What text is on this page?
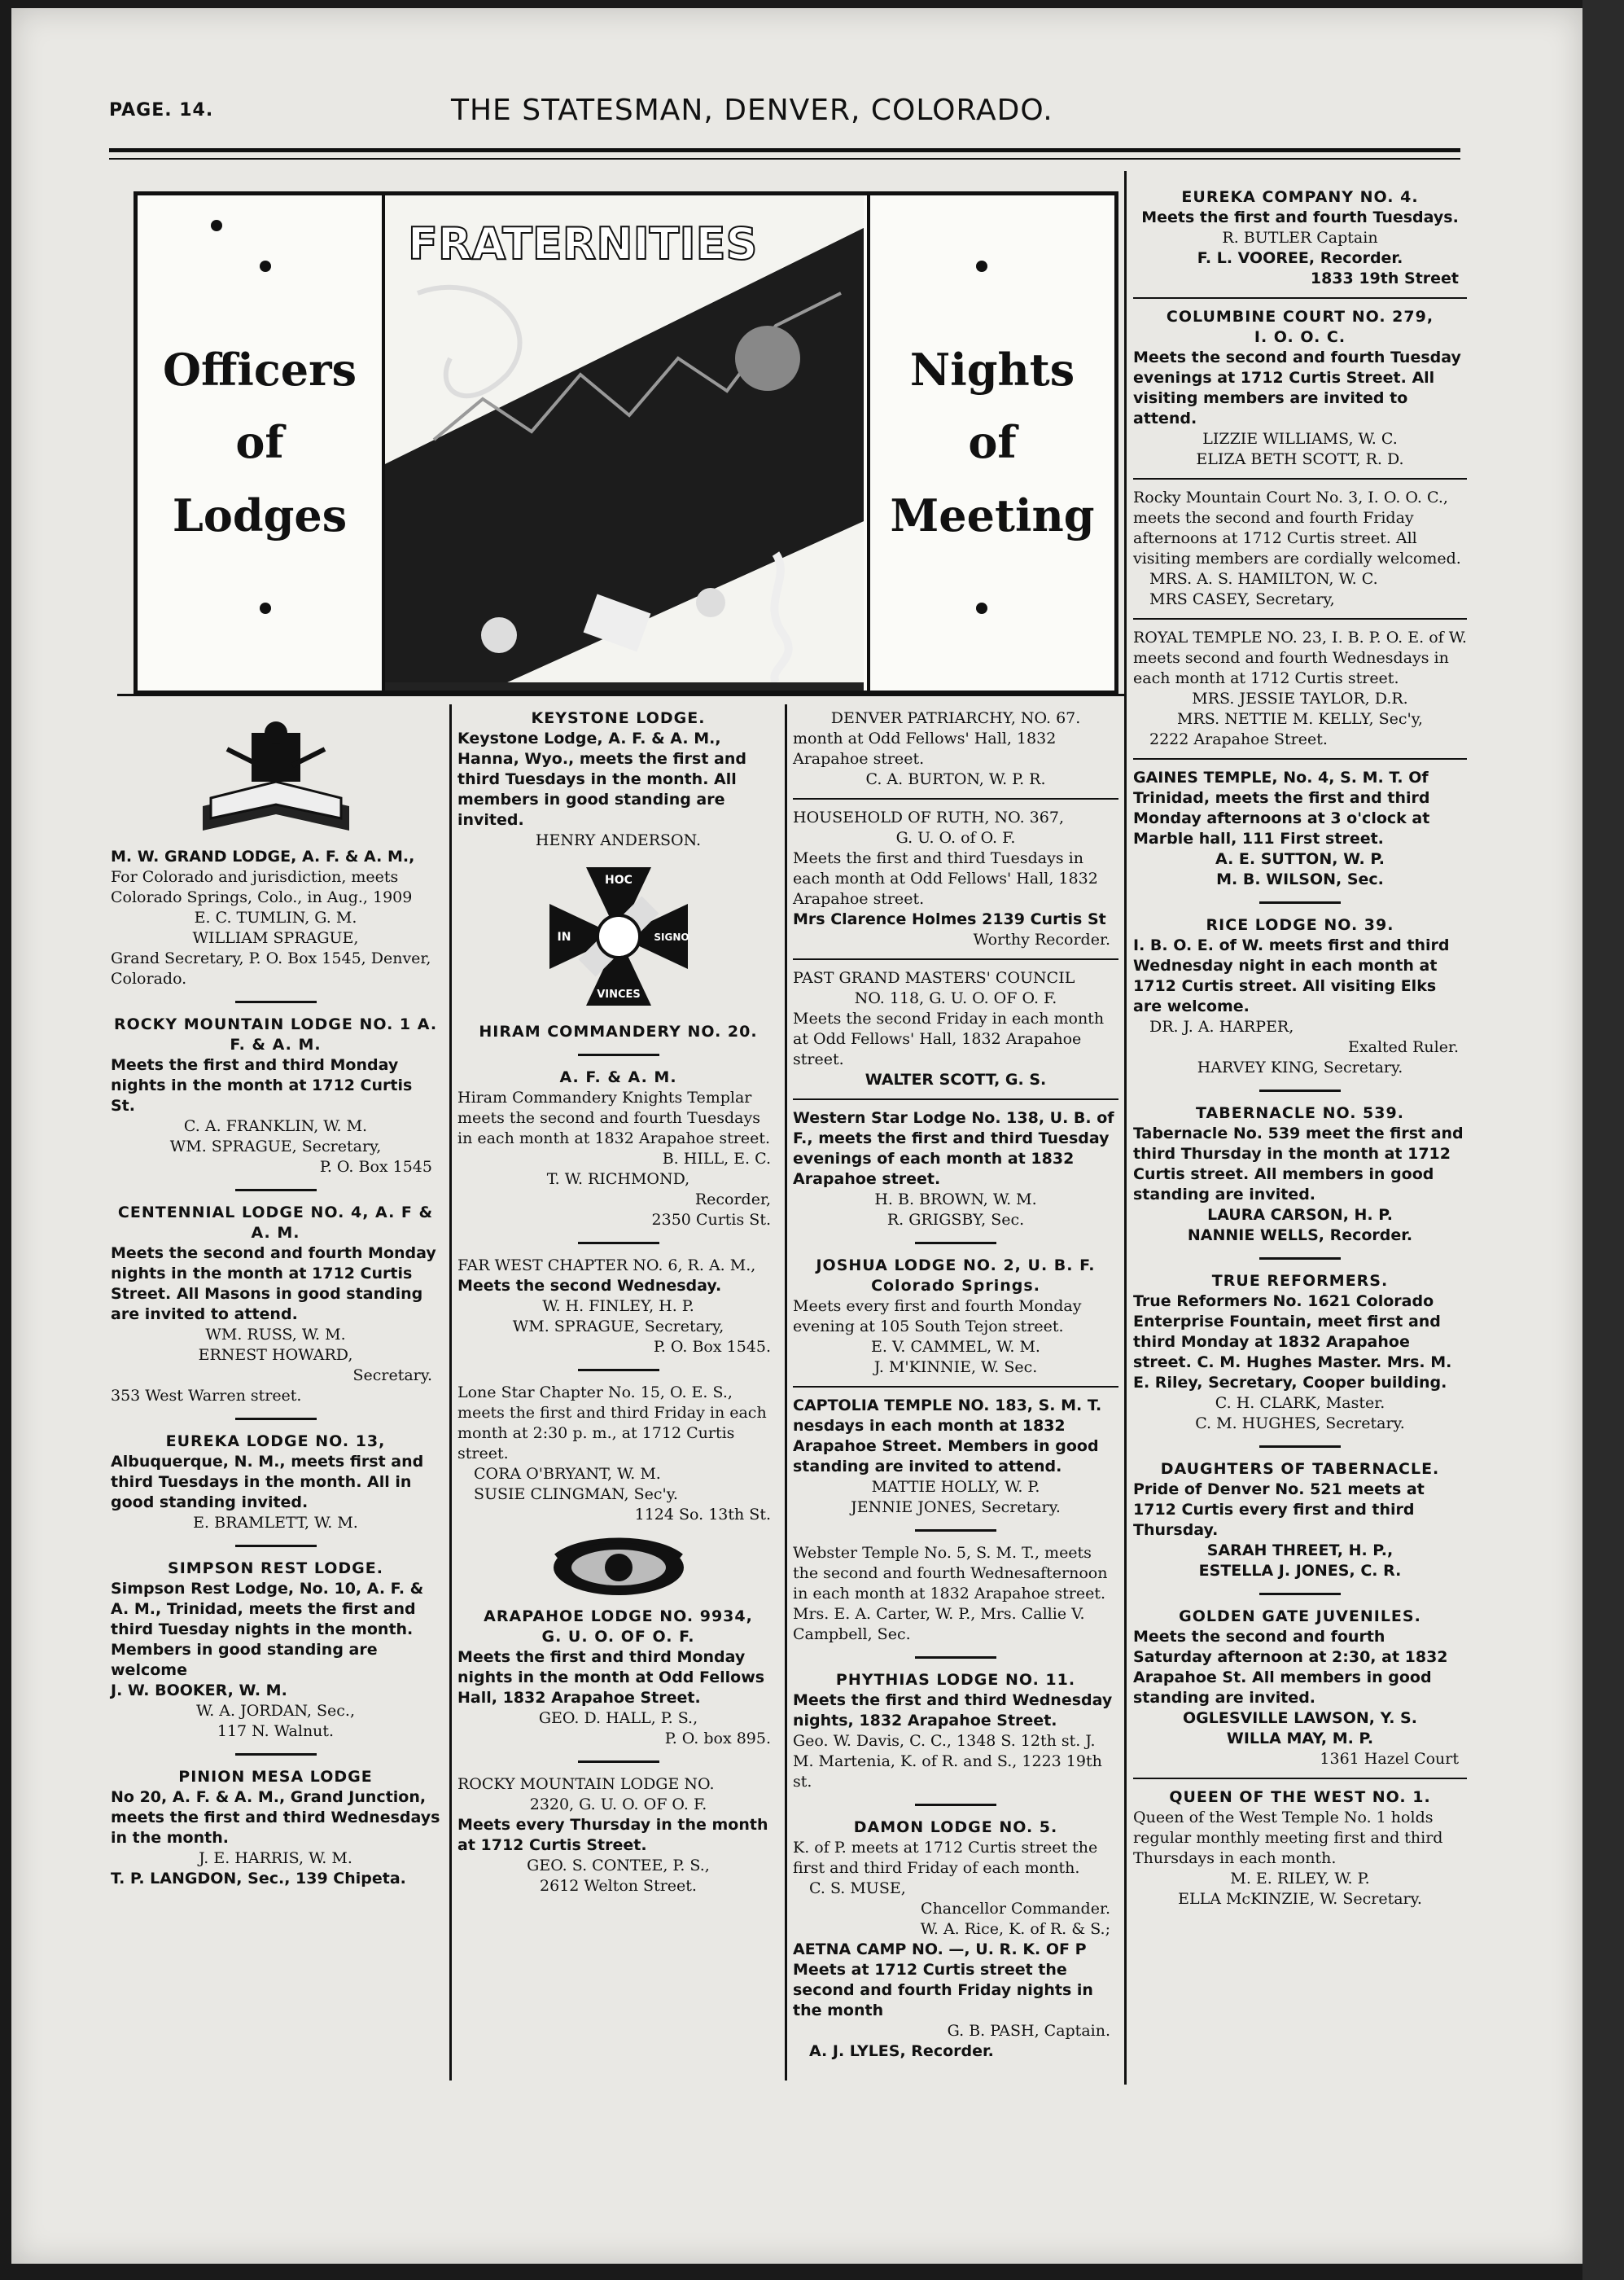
PAGE. 14.	THE STATESMAN, DENVER, COLORADO.
Officers
of
Lodges
FRATERNITIES
Nights
of
Meeting

M. W. GRAND LODGE, A. F. & A. M.,

For Colorado and jurisdiction, meets Colorado Springs, Colo., in Aug., 1909

E. C. TUMLIN, G. M.

WILLIAM SPRAGUE,

Grand Secretary, P. O. Box 1545, Denver, Colorado.

ROCKY MOUNTAIN LODGE NO. 1 A. F. & A. M.

Meets the first and third Monday nights in the month at 1712 Curtis St.

C. A. FRANKLIN, W. M.

WM. SPRAGUE, Secretary,

P. O. Box 1545

CENTENNIAL LODGE NO. 4, A. F & A. M.

Meets the second and fourth Monday nights in the month at 1712 Curtis Street. All Masons in good standing are invited to attend.

WM. RUSS, W. M.

ERNEST HOWARD,

Secretary.

353 West Warren street.

EUREKA LODGE NO. 13,

Albuquerque, N. M., meets first and third Tuesdays in the month. All in good standing invited.

E. BRAMLETT, W. M.

SIMPSON REST LODGE.

Simpson Rest Lodge, No. 10, A. F. & A. M., Trinidad, meets the first and third Tuesday nights in the month. Members in good standing are welcome

J. W. BOOKER, W. M.

W. A. JORDAN, Sec.,

117 N. Walnut.

PINION MESA LODGE

No 20, A. F. & A. M., Grand Junction, meets the first and third Wednesdays in the month.

J. E. HARRIS, W. M.

T. P. LANGDON, Sec., 139 Chipeta.

KEYSTONE LODGE.

Keystone Lodge, A. F. & A. M., Hanna, Wyo., meets the first and third Tuesdays in the month. All members in good standing are invited.

HENRY ANDERSON.

HOC
IN	SIGNO
VINCES

HIRAM COMMANDERY NO. 20.

A. F. & A. M.

Hiram Commandery Knights Templar meets the second and fourth Tuesdays in each month at 1832 Arapahoe street.

B. HILL, E. C.

T. W. RICHMOND,

Recorder,

2350 Curtis St.

FAR WEST CHAPTER NO. 6, R. A. M.,

Meets the second Wednesday.

W. H. FINLEY, H. P.

WM. SPRAGUE, Secretary,

P. O. Box 1545.

Lone Star Chapter No. 15, O. E. S., meets the first and third Friday in each month at 2:30 p. m., at 1712 Curtis street.

CORA O'BRYANT, W. M.

SUSIE CLINGMAN, Sec'y.

1124 So. 13th St.

ARAPAHOE LODGE NO. 9934,

G. U. O. OF O. F.

Meets the first and third Monday nights in the month at Odd Fellows Hall, 1832 Arapahoe Street.

GEO. D. HALL, P. S.,

P. O. box 895.

ROCKY MOUNTAIN LODGE NO.

2320, G. U. O. OF O. F.

Meets every Thursday in the month at 1712 Curtis Street.

GEO. S. CONTEE, P. S.,

2612 Welton Street.

DENVER PATRIARCHY, NO. 67.

month at Odd Fellows' Hall, 1832 Arapahoe street.

C. A. BURTON, W. P. R.

HOUSEHOLD OF RUTH, NO. 367,

G. U. O. of O. F.

Meets the first and third Tuesdays in each month at Odd Fellows' Hall, 1832 Arapahoe street.

Mrs Clarence Holmes 2139 Curtis St

Worthy Recorder.

PAST GRAND MASTERS' COUNCIL

NO. 118, G. U. O. OF O. F.

Meets the second Friday in each month at Odd Fellows' Hall, 1832 Arapahoe street.

WALTER SCOTT, G. S.

Western Star Lodge No. 138, U. B. of F., meets the first and third Tuesday evenings of each month at 1832 Arapahoe street.

H. B. BROWN, W. M.

R. GRIGSBY, Sec.

JOSHUA LODGE NO. 2, U. B. F.

Colorado Springs.

Meets every first and fourth Monday evening at 105 South Tejon street.

E. V. CAMMEL, W. M.

J. M'KINNIE, W. Sec.

CAPTOLIA TEMPLE NO. 183, S. M. T. nesdays in each month at 1832 Arapahoe Street. Members in good standing are invited to attend.

MATTIE HOLLY, W. P.

JENNIE JONES, Secretary.

Webster Temple No. 5, S. M. T., meets the second and fourth Wednesafternoon in each month at 1832 Arapahoe street. Mrs. E. A. Carter, W. P., Mrs. Callie V. Campbell, Sec.

PHYTHIAS LODGE NO. 11.

Meets the first and third Wednesday nights, 1832 Arapahoe Street.

Geo. W. Davis, C. C., 1348 S. 12th st. J. M. Martenia, K. of R. and S., 1223 19th st.

DAMON LODGE NO. 5.

K. of P. meets at 1712 Curtis street the first and third Friday of each month.

C. S. MUSE,

Chancellor Commander.

W. A. Rice, K. of R. & S.;

AETNA CAMP NO. —, U. R. K. OF P Meets at 1712 Curtis street the second and fourth Friday nights in the month

G. B. PASH, Captain.

A. J. LYLES, Recorder.

EUREKA COMPANY NO. 4.

Meets the first and fourth Tuesdays.

R. BUTLER Captain

F. L. VOOREE, Recorder.

1833 19th Street

COLUMBINE COURT NO. 279,

I. O. O. C.

Meets the second and fourth Tuesday evenings at 1712 Curtis Street. All visiting members are invited to attend.

LIZZIE WILLIAMS, W. C.

ELIZA BETH SCOTT, R. D.

Rocky Mountain Court No. 3, I. O. O. C., meets the second and fourth Friday afternoons at 1712 Curtis street. All visiting members are cordially welcomed.

MRS. A. S. HAMILTON, W. C.

MRS CASEY, Secretary,

ROYAL TEMPLE NO. 23, I. B. P. O. E. of W. meets second and fourth Wednesdays in each month at 1712 Curtis street.

MRS. JESSIE TAYLOR, D.R.

MRS. NETTIE M. KELLY, Sec'y,

2222 Arapahoe Street.

GAINES TEMPLE, No. 4, S. M. T. Of Trinidad, meets the first and third Monday afternoons at 3 o'clock at Marble hall, 111 First street.

A. E. SUTTON, W. P.

M. B. WILSON, Sec.

RICE LODGE NO. 39.

I. B. O. E. of W. meets first and third Wednesday night in each month at 1712 Curtis street. All visiting Elks are welcome.

DR. J. A. HARPER,

Exalted Ruler.

HARVEY KING, Secretary.

TABERNACLE NO. 539.

Tabernacle No. 539 meet the first and third Thursday in the month at 1712 Curtis street. All members in good standing are invited.

LAURA CARSON, H. P.

NANNIE WELLS, Recorder.

TRUE REFORMERS.

True Reformers No. 1621 Colorado Enterprise Fountain, meet first and third Monday at 1832 Arapahoe street. C. M. Hughes Master. Mrs. M. E. Riley, Secretary, Cooper building.

C. H. CLARK, Master.

C. M. HUGHES, Secretary.

DAUGHTERS OF TABERNACLE.

Pride of Denver No. 521 meets at 1712 Curtis every first and third Thursday.

SARAH THREET, H. P.,

ESTELLA J. JONES, C. R.

GOLDEN GATE JUVENILES.

Meets the second and fourth Saturday afternoon at 2:30, at 1832 Arapahoe St. All members in good standing are invited.

OGLESVILLE LAWSON, Y. S.

WILLA MAY, M. P.

1361 Hazel Court

QUEEN OF THE WEST NO. 1.

Queen of the West Temple No. 1 holds regular monthly meeting first and third Thursdays in each month.

M. E. RILEY, W. P.

ELLA McKINZIE, W. Secretary.
